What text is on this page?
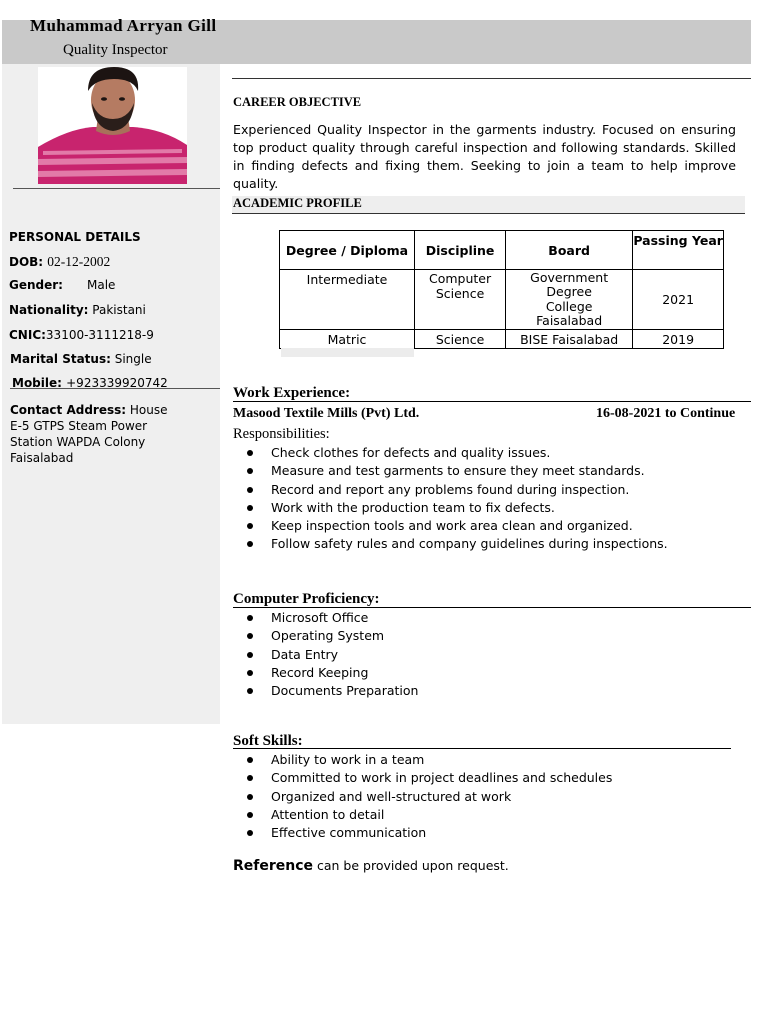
Muhammad Arryan Gill
Quality Inspector
PERSONAL DETAILS
DOB: 02-12-2002
Gender: Male
Nationality: Pakistani
CNIC:33100-3111218-9
Marital Status: Single
Mobile: +923339920742
Contact Address: House E-5 GTPS Steam Power Station WAPDA Colony Faisalabad
CAREER OBJECTIVE
Experienced Quality Inspector in the garments industry. Focused on ensuring top product quality through careful inspection and following standards. Skilled in finding defects and fixing them. Seeking to join a team to help improve quality.
ACADEMIC PROFILE
Degree / Diploma	Discipline	Board	Passing Year
Intermediate	Computer Science	Government Degree College Faisalabad	2021
Matric	Science	BISE Faisalabad	2019
Work Experience:
Masood Textile Mills (Pvt) Ltd.	16-08-2021 to Continue
Responsibilities:
Check clothes for defects and quality issues.
Measure and test garments to ensure they meet standards.
Record and report any problems found during inspection.
Work with the production team to fix defects.
Keep inspection tools and work area clean and organized.
Follow safety rules and company guidelines during inspections.
Computer Proficiency:
Microsoft Office
Operating System
Data Entry
Record Keeping
Documents Preparation
Soft Skills:
Ability to work in a team
Committed to work in project deadlines and schedules
Organized and well-structured at work
Attention to detail
Effective communication
Reference can be provided upon request.
